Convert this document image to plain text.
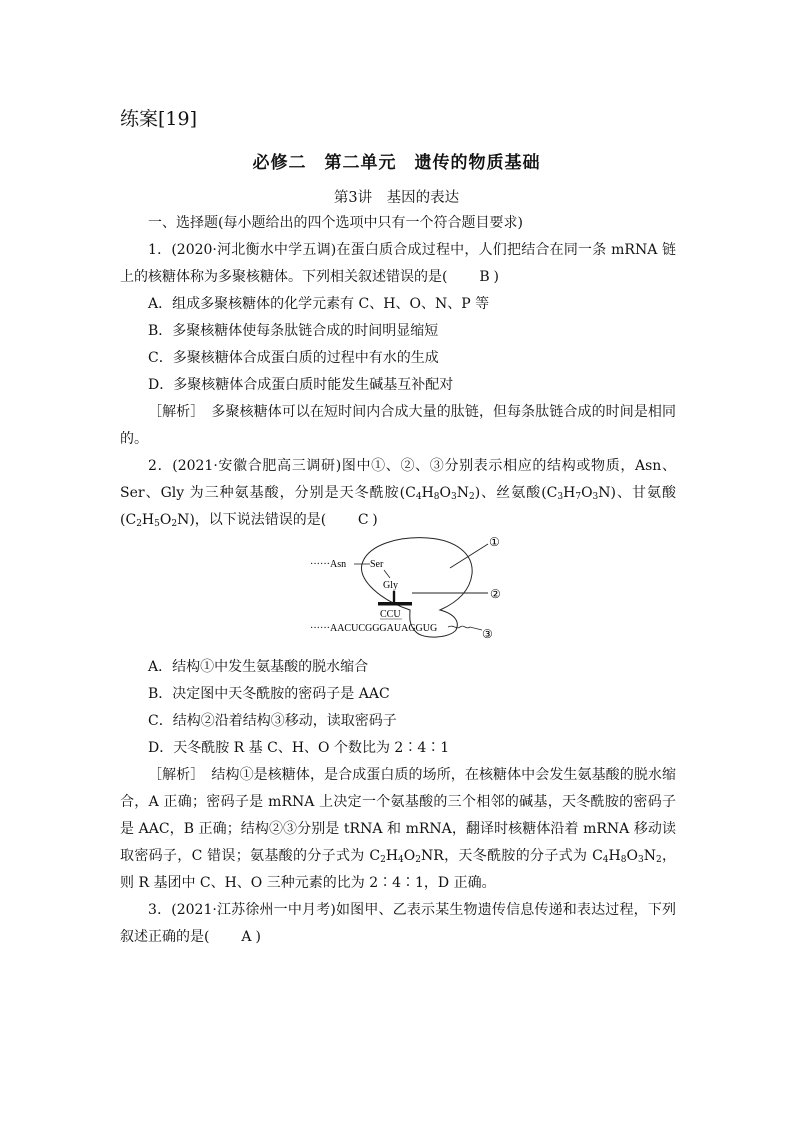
练案[19]
必修二　第二单元　遗传的物质基础
第3讲　基因的表达

一、选择题(每小题给出的四个选项中只有一个符合题目要求)

1．(2020·河北衡水中学五调)在蛋白质合成过程中，人们把结合在同一条 mRNA 链上的核糖体称为多聚核糖体。下列相关叙述错误的是( B )

A．组成多聚核糖体的化学元素有 C、H、O、N、P 等

B．多聚核糖体使每条肽链合成的时间明显缩短

C．多聚核糖体合成蛋白质的过程中有水的生成

D．多聚核糖体合成蛋白质时能发生碱基互补配对

［解析］　多聚核糖体可以在短时间内合成大量的肽链，但每条肽链合成的时间是相同的。

2．(2021·安徽合肥高三调研)图中①、②、③分别表示相应的结构或物质，Asn、Ser、Gly 为三种氨基酸，分别是天冬酰胺$(C_4H_8O_3N_2)$、丝氨酸$(C_3H_7O_3N)$、甘氨酸$(C_2H_5O_2N)$，以下说法错误的是( C )

①
······Asn Ser
Gly
②
CCU
······AACUCGGGAUAGGUG	③

A．结构①中发生氨基酸的脱水缩合

B．决定图中天冬酰胺的密码子是 AAC

C．结构②沿着结构③移动，读取密码子

D．天冬酰胺 R 基 C、H、O 个数比为 2∶4∶1

［解析］　结构①是核糖体，是合成蛋白质的场所，在核糖体中会发生氨基酸的脱水缩合，A 正确；密码子是 mRNA 上决定一个氨基酸的三个相邻的碱基，天冬酰胺的密码子是 AAC，B 正确；结构②③分别是 tRNA 和 mRNA，翻译时核糖体沿着 mRNA 移动读取密码子，C 错误；氨基酸的分子式为 $C_2H_4O_2NR$，天冬酰胺的分子式为 $C_4H_8O_3N_2$，则 R 基团中 C、H、O 三种元素的比为 2∶4∶1，D 正确。

3．(2021·江苏徐州一中月考)如图甲、乙表示某生物遗传信息传递和表达过程，下列叙述正确的是( A )
